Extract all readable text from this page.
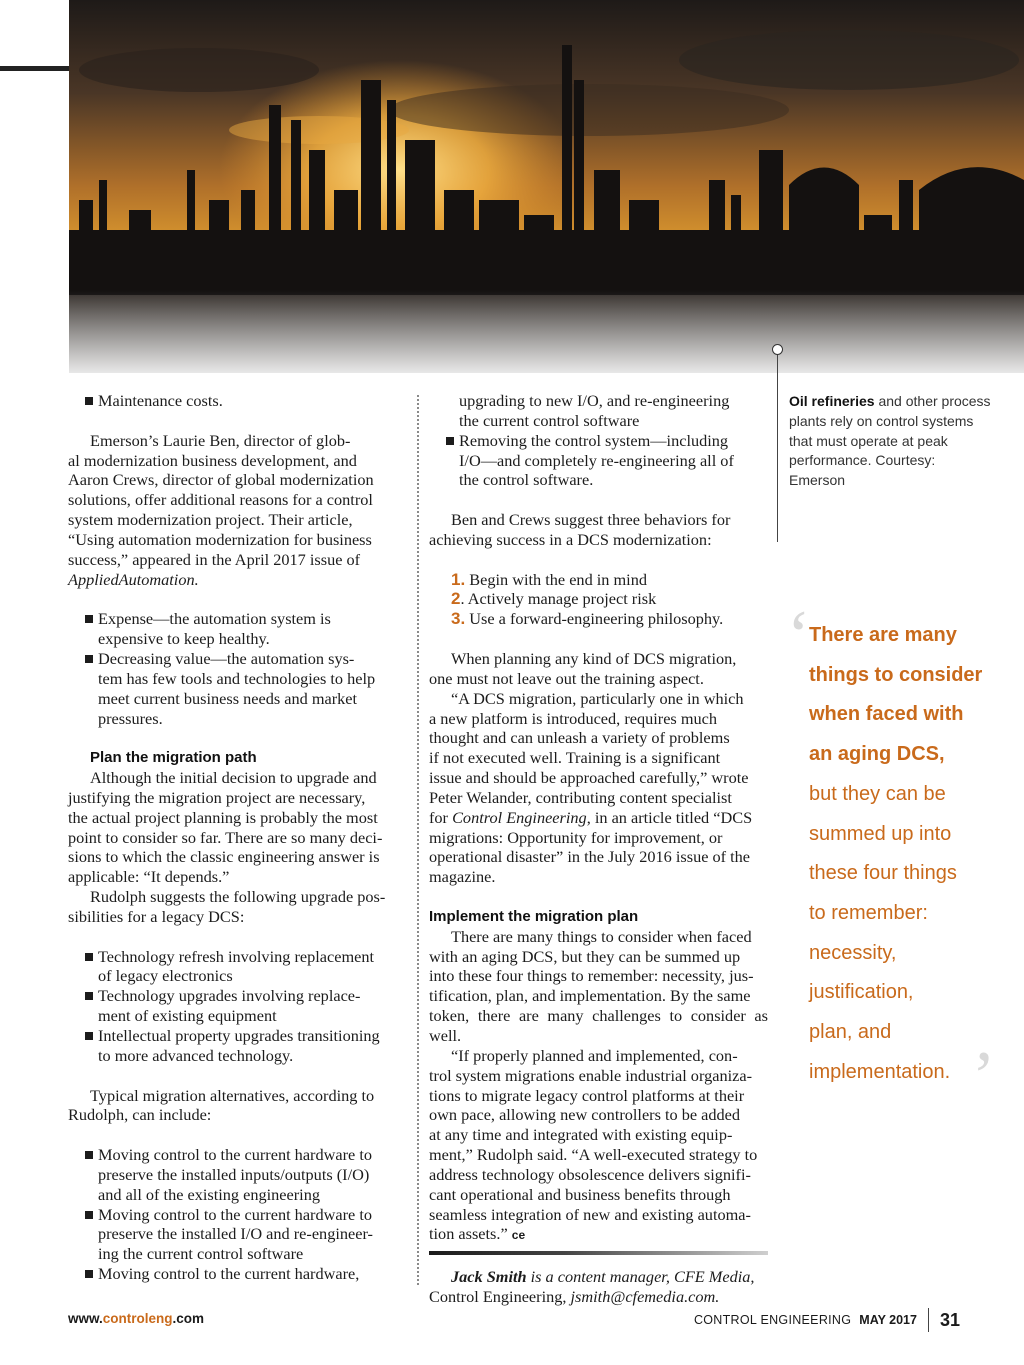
Maintenance costs.

Emerson’s Laurie Ben, director of glob-
al modernization business development, and
Aaron Crews, director of global modernization
solutions, offer additional reasons for a control
system modernization project. Their article,
“Using automation modernization for business
success,” appeared in the April 2017 issue of
AppliedAutomation.

Expense—the automation system is
expensive to keep healthy.
Decreasing value—the automation sys-
tem has few tools and technologies to help
meet current business needs and market
pressures.
Plan the migration path

Although the initial decision to upgrade and
justifying the migration project are necessary,
the actual project planning is probably the most
point to consider so far. There are so many deci-
sions to which the classic engineering answer is
applicable: “It depends.”

Rudolph suggests the following upgrade pos-
sibilities for a legacy DCS:

Technology refresh involving replacement
of legacy electronics
Technology upgrades involving replace-
ment of existing equipment
Intellectual property upgrades transitioning
to more advanced technology.

Typical migration alternatives, according to
Rudolph, can include:

Moving control to the current hardware to
preserve the installed inputs/outputs (I/O)
and all of the existing engineering
Moving control to the current hardware to
preserve the installed I/O and re-engineer-
ing the current control software
Moving control to the current hardware,
upgrading to new I/O, and re-engineering
the current control software
Removing the control system—including
I/O—and completely re-engineering all of
the control software.

Ben and Crews suggest three behaviors for
achieving success in a DCS modernization:

1. Begin with the end in mind
2. Actively manage project risk
3. Use a forward-engineering philosophy.

When planning any kind of DCS migration,
one must not leave out the training aspect.

“A DCS migration, particularly one in which
a new platform is introduced, requires much
thought and can unleash a variety of problems
if not executed well. Training is a significant
issue and should be approached carefully,” wrote
Peter Welander, contributing content specialist
for Control Engineering, in an article titled “DCS
migrations: Opportunity for improvement, or
operational disaster” in the July 2016 issue of the
magazine.

Implement the migration plan

There are many things to consider when faced
with an aging DCS, but they can be summed up
into these four things to remember: necessity, jus-
tification, plan, and implementation. By the same
token, there are many challenges to consider as well.

“If properly planned and implemented, con-
trol system migrations enable industrial organiza-
tions to migrate legacy control platforms at their
own pace, allowing new controllers to be added
at any time and integrated with existing equip-
ment,” Rudolph said. “A well-executed strategy to
address technology obsolescence delivers signifi-
cant operational and business benefits through
seamless integration of new and existing automa-
tion assets.” ce

Jack Smith is a content manager, CFE Media,
Control Engineering, jsmith@cfemedia.com.

Oil refineries and other process plants rely on control systems that must operate at peak performance. Courtesy: Emerson
‘
There are many
things to consider
when faced with
an aging DCS,
but they can be
summed up into
these four things
to remember:
necessity,
justification,
plan, and
implementation. ’
www.controleng.com	CONTROL ENGINEERING MAY 2017 31
